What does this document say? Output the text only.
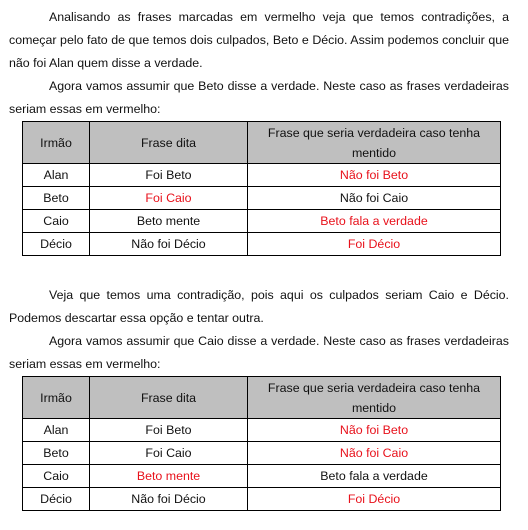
Analisando as frases marcadas em vermelho veja que temos contradições, a começar pelo fato de que temos dois culpados, Beto e Décio. Assim podemos concluir que não foi Alan quem disse a verdade.

Agora vamos assumir que Beto disse a verdade. Neste caso as frases verdadeiras seriam essas em vermelho:

Irmão	Frase dita	Frase que seria verdadeira caso tenha mentido
Alan	Foi Beto	Não foi Beto
Beto	Foi Caio	Não foi Caio
Caio	Beto mente	Beto fala a verdade
Décio	Não foi Décio	Foi Décio

Veja que temos uma contradição, pois aqui os culpados seriam Caio e Décio. Podemos descartar essa opção e tentar outra.

Agora vamos assumir que Caio disse a verdade. Neste caso as frases verdadeiras seriam essas em vermelho:

Irmão	Frase dita	Frase que seria verdadeira caso tenha mentido
Alan	Foi Beto	Não foi Beto
Beto	Foi Caio	Não foi Caio
Caio	Beto mente	Beto fala a verdade
Décio	Não foi Décio	Foi Décio
